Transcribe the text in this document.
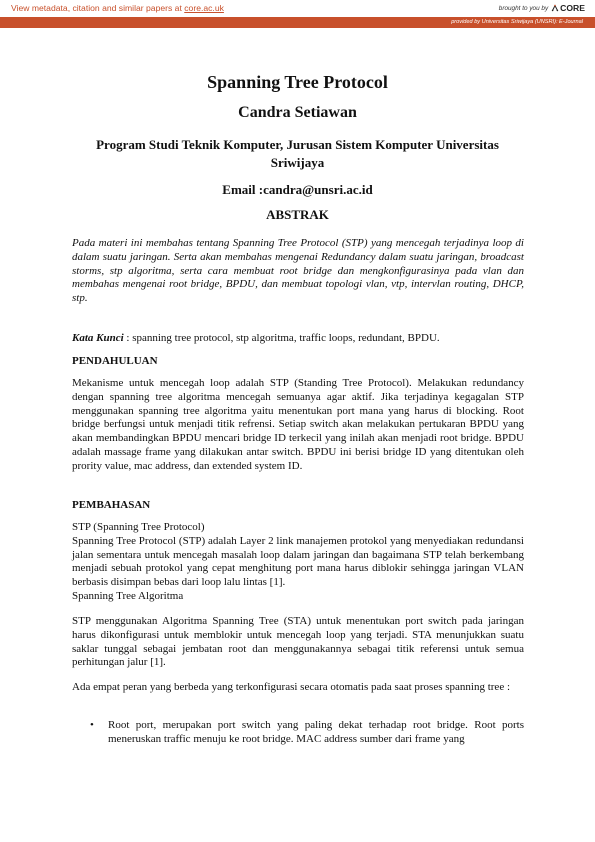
View metadata, citation and similar papers at core.ac.uk	brought to you by CORE
provided by Universitas Sriwijaya (UNSRI): E-Journal
Spanning Tree Protocol
Candra Setiawan
Program Studi Teknik Komputer, Jurusan Sistem Komputer Universitas
Sriwijaya
Email :candra@unsri.ac.id
ABSTRAK

Pada materi ini membahas tentang Spanning Tree Protocol (STP) yang mencegah terjadinya loop di dalam suatu jaringan. Serta akan membahas mengenai Redundancy dalam suatu jaringan, broadcast storms, stp algoritma, serta cara membuat root bridge dan mengkonfigurasinya pada vlan dan membahas mengenai root bridge, BPDU, dan membuat topologi vlan, vtp, intervlan routing, DHCP, stp.

Kata Kunci : spanning tree protocol, stp algoritma, traffic loops, redundant, BPDU.

PENDAHULUAN

Mekanisme untuk mencegah loop adalah STP (Standing Tree Protocol). Melakukan redundancy dengan spanning tree algoritma mencegah semuanya agar aktif. Jika terjadinya kegagalan STP menggunakan spanning tree algoritma yaitu menentukan port mana yang harus di blocking. Root bridge berfungsi untuk menjadi titik refrensi. Setiap switch akan melakukan pertukaran BPDU yang akan membandingkan BPDU mencari bridge ID terkecil yang inilah akan menjadi root bridge. BPDU adalah massage frame yang dilakukan antar switch. BPDU ini berisi bridge ID yang ditentukan oleh prority value, mac address, dan extended system ID.

PEMBAHASAN
STP (Spanning Tree Protocol)
Spanning Tree Protocol (STP) adalah Layer 2 link manajemen protokol yang menyediakan redundansi jalan sementara untuk mencegah masalah loop dalam jaringan dan bagaimana STP telah berkembang menjadi sebuah protokol yang cepat menghitung port mana harus diblokir sehingga jaringan VLAN berbasis disimpan bebas dari loop lalu lintas [1].
Spanning Tree Algoritma

STP menggunakan Algoritma Spanning Tree (STA) untuk menentukan port switch pada jaringan harus dikonfigurasi untuk memblokir untuk mencegah loop yang terjadi. STA menunjukkan suatu saklar tunggal sebagai jembatan root dan menggunakannya sebagai titik referensi untuk semua perhitungan jalur [1].

Ada empat peran yang berbeda yang terkonfigurasi secara otomatis pada saat proses spanning tree :

• Root port, merupakan port switch yang paling dekat terhadap root bridge. Root ports meneruskan traffic menuju ke root bridge. MAC address sumber dari frame yang
